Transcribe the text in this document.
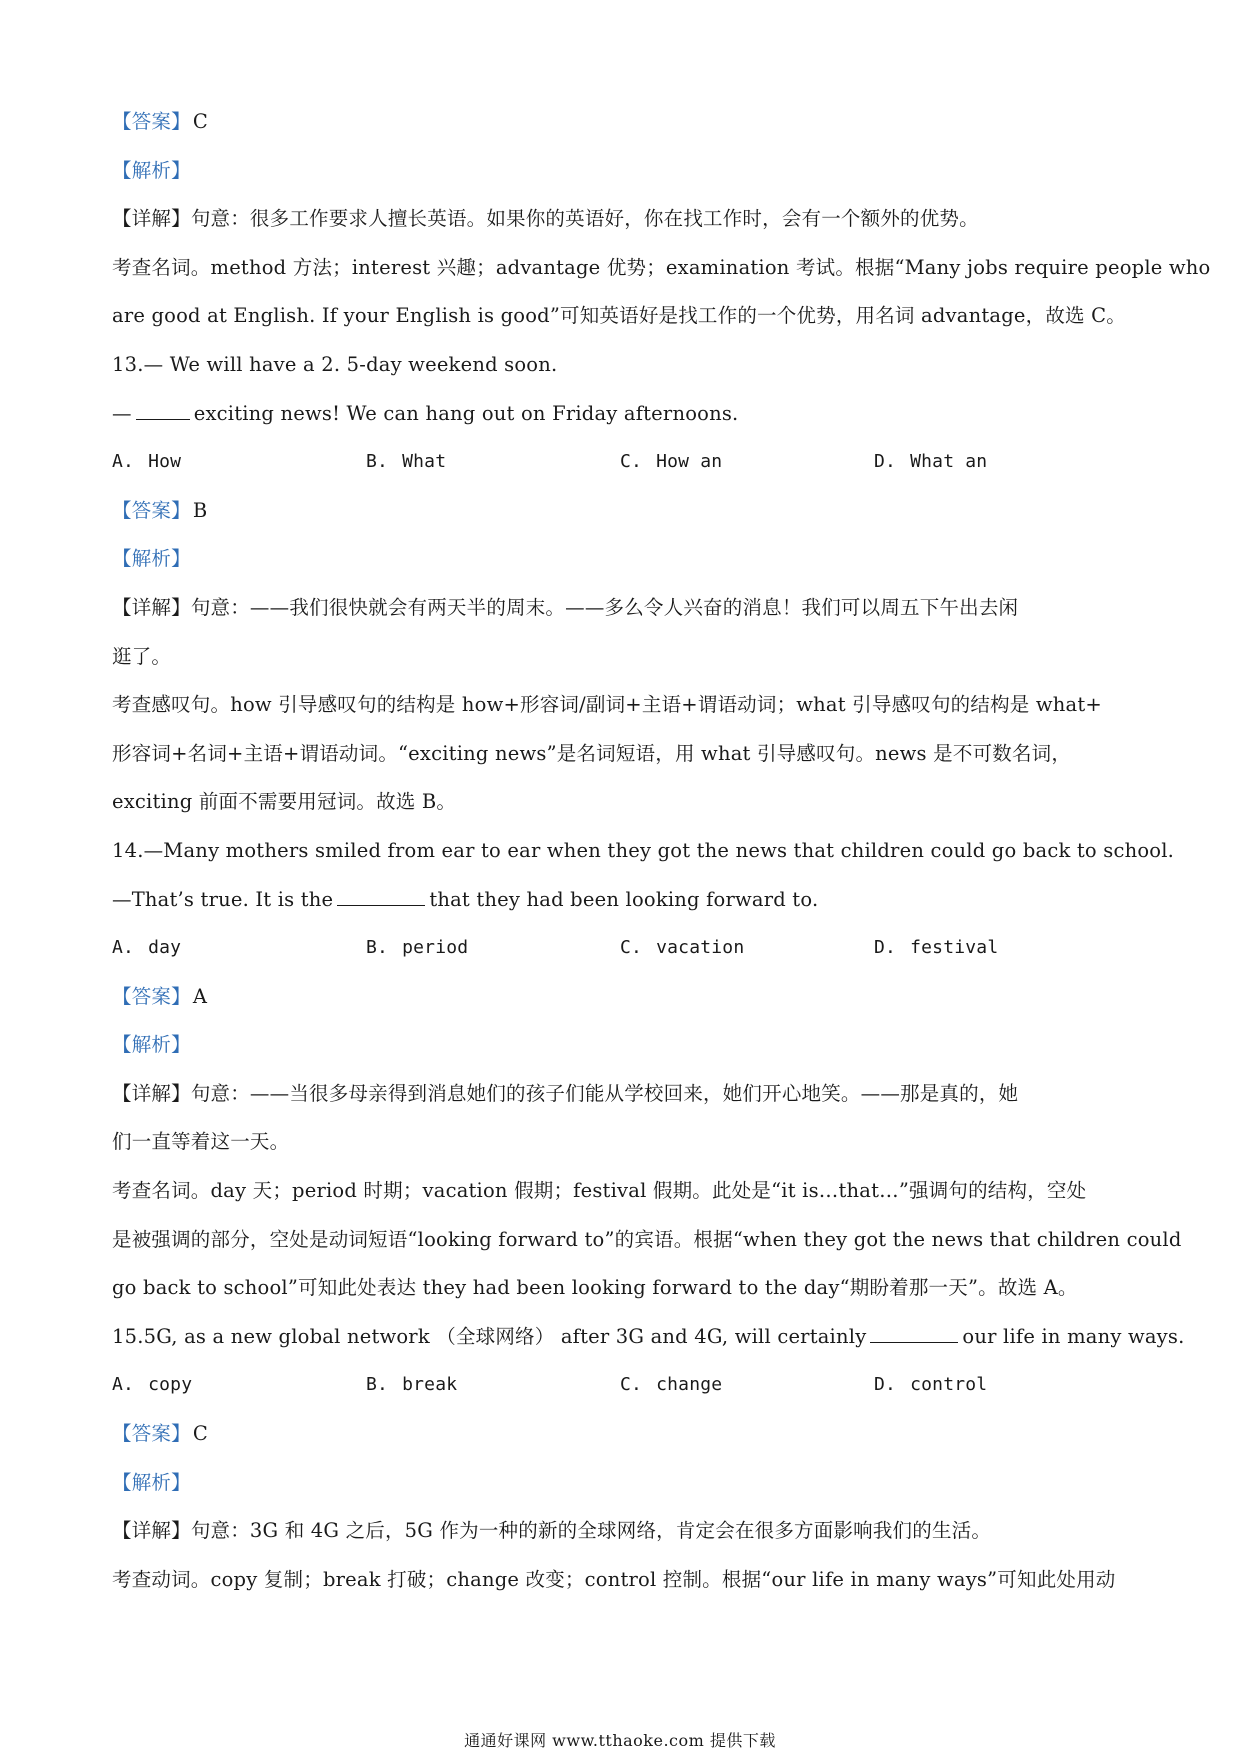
【答案】 C
【解析】
【详解】句意：很多工作要求人擅长英语。如果你的英语好，你在找工作时，会有一个额外的优势。
考查名词。method 方法；interest 兴趣；advantage 优势；examination 考试。根据“Many jobs require people who
are good at English. If your English is good”可知英语好是找工作的一个优势，用名词 advantage，故选 C。
13.— We will have a 2. 5-day weekend soon.
—	exciting news! We can hang out on Friday afternoons.
A. How	B. What	C. How an	D. What an
【答案】 B
【解析】
【详解】句意：——我们很快就会有两天半的周末。——多么令人兴奋的消息！我们可以周五下午出去闲
逛了。
考查感叹句。how 引导感叹句的结构是 how+形容词/副词+主语+谓语动词；what 引导感叹句的结构是 what+
形容词+名词+主语+谓语动词。“exciting news”是名词短语，用 what 引导感叹句。news 是不可数名词，
exciting 前面不需要用冠词。故选 B。
14.—Many mothers smiled from ear to ear when they got the news that children could go back to school.
—That’s true. It is the	that they had been looking forward to.
A. day	B. period	C. vacation	D. festival
【答案】 A
【解析】
【详解】句意：——当很多母亲得到消息她们的孩子们能从学校回来，她们开心地笑。——那是真的，她
们一直等着这一天。
考查名词。day 天；period 时期；vacation 假期；festival 假期。此处是“it is…that…”强调句的结构，空处
是被强调的部分，空处是动词短语“looking forward to”的宾语。根据“when they got the news that children could
go back to school”可知此处表达 they had been looking forward to the day“期盼着那一天”。故选 A。
15.5G, as a new global network （全球网络） after 3G and 4G, will certainly	our life in many ways.
A. copy	B. break	C. change	D. control
【答案】 C
【解析】
【详解】句意：3G 和 4G 之后，5G 作为一种的新的全球网络，肯定会在很多方面影响我们的生活。
考查动词。copy 复制；break 打破；change 改变；control 控制。根据“our life in many ways”可知此处用动
通通好课网 www.tthaoke.com 提供下载
